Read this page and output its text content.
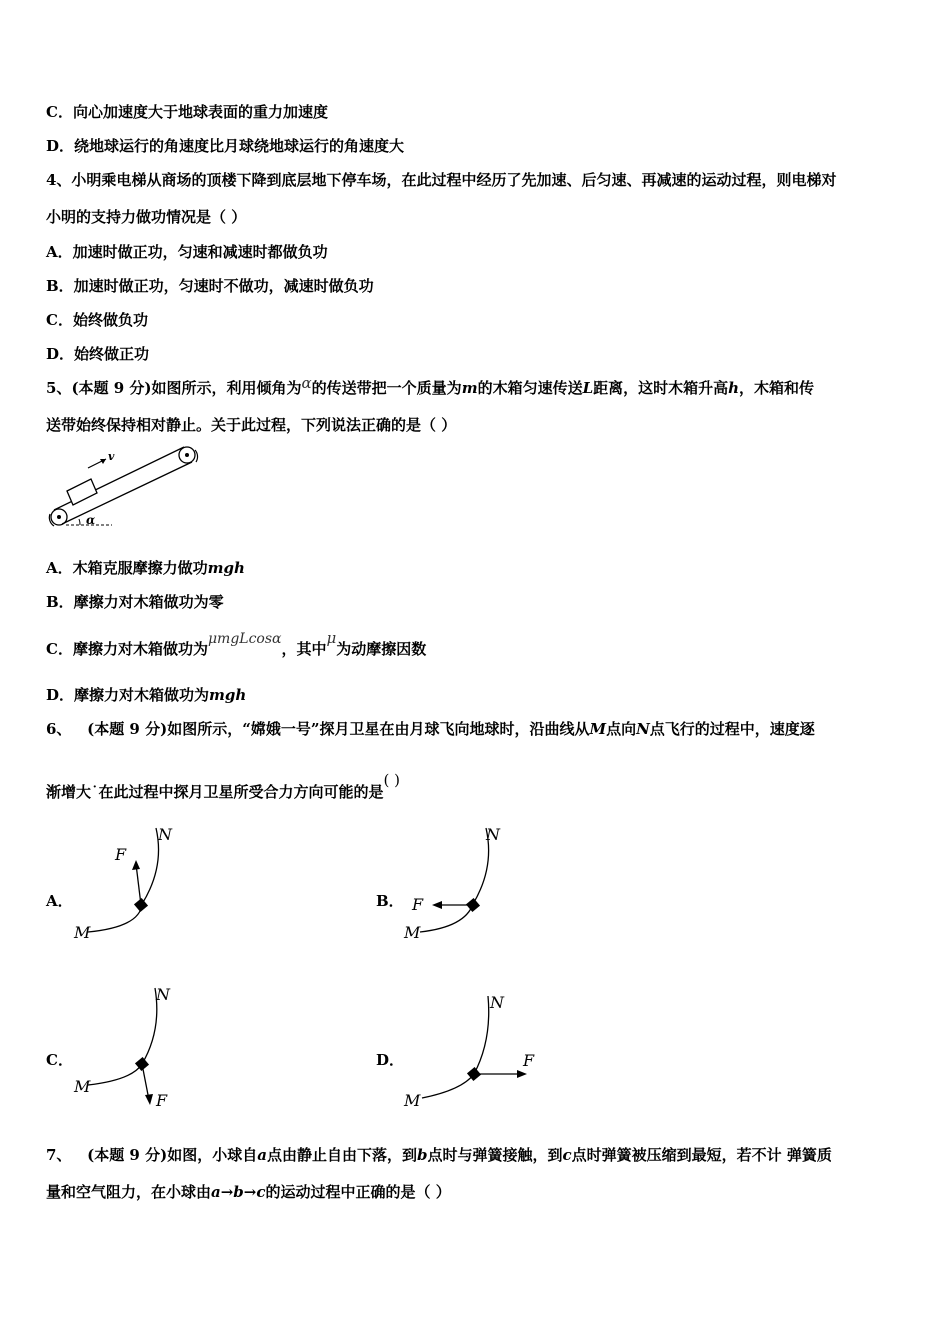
C．向心加速度大于地球表面的重力加速度
D．绕地球运行的角速度比月球绕地球运行的角速度大
4、小明乘电梯从商场的顶楼下降到底层地下停车场，在此过程中经历了先加速、后匀速、再减速的运动过程，则电梯对
小明的支持力做功情况是（ ）
A．加速时做正功，匀速和减速时都做负功
B．加速时做正功，匀速时不做功，减速时做负功
C．始终做负功
D．始终做正功
5、(本题 9 分)如图所示，利用倾角为α的传送带把一个质量为m的木箱匀速传送L距离，这时木箱升高h，木箱和传
送带始终保持相对静止。关于此过程，下列说法正确的是（ ）
v
α
A．木箱克服摩擦力做功mgh
B．摩擦力对木箱做功为零
C．摩擦力对木箱做功为μmgLcosα，其中μ为动摩擦因数
D．摩擦力对木箱做功为mgh
6、 (本题 9 分)如图所示，“嫦娥一号”探月卫星在由月球飞向地球时，沿曲线从M点向N点飞行的过程中，速度逐
渐增大˙在此过程中探月卫星所受合力方向可能的是( )
A．
F
N
M
B． F
N
M
C．
F
N
M
D．	F
N
M
7、 (本题 9 分)如图，小球自a点由静止自由下落，到b点时与弹簧接触，到c点时弹簧被压缩到最短，若不计 弹簧质
量和空气阻力，在小球由a→b→c的运动过程中正确的是（ ）
